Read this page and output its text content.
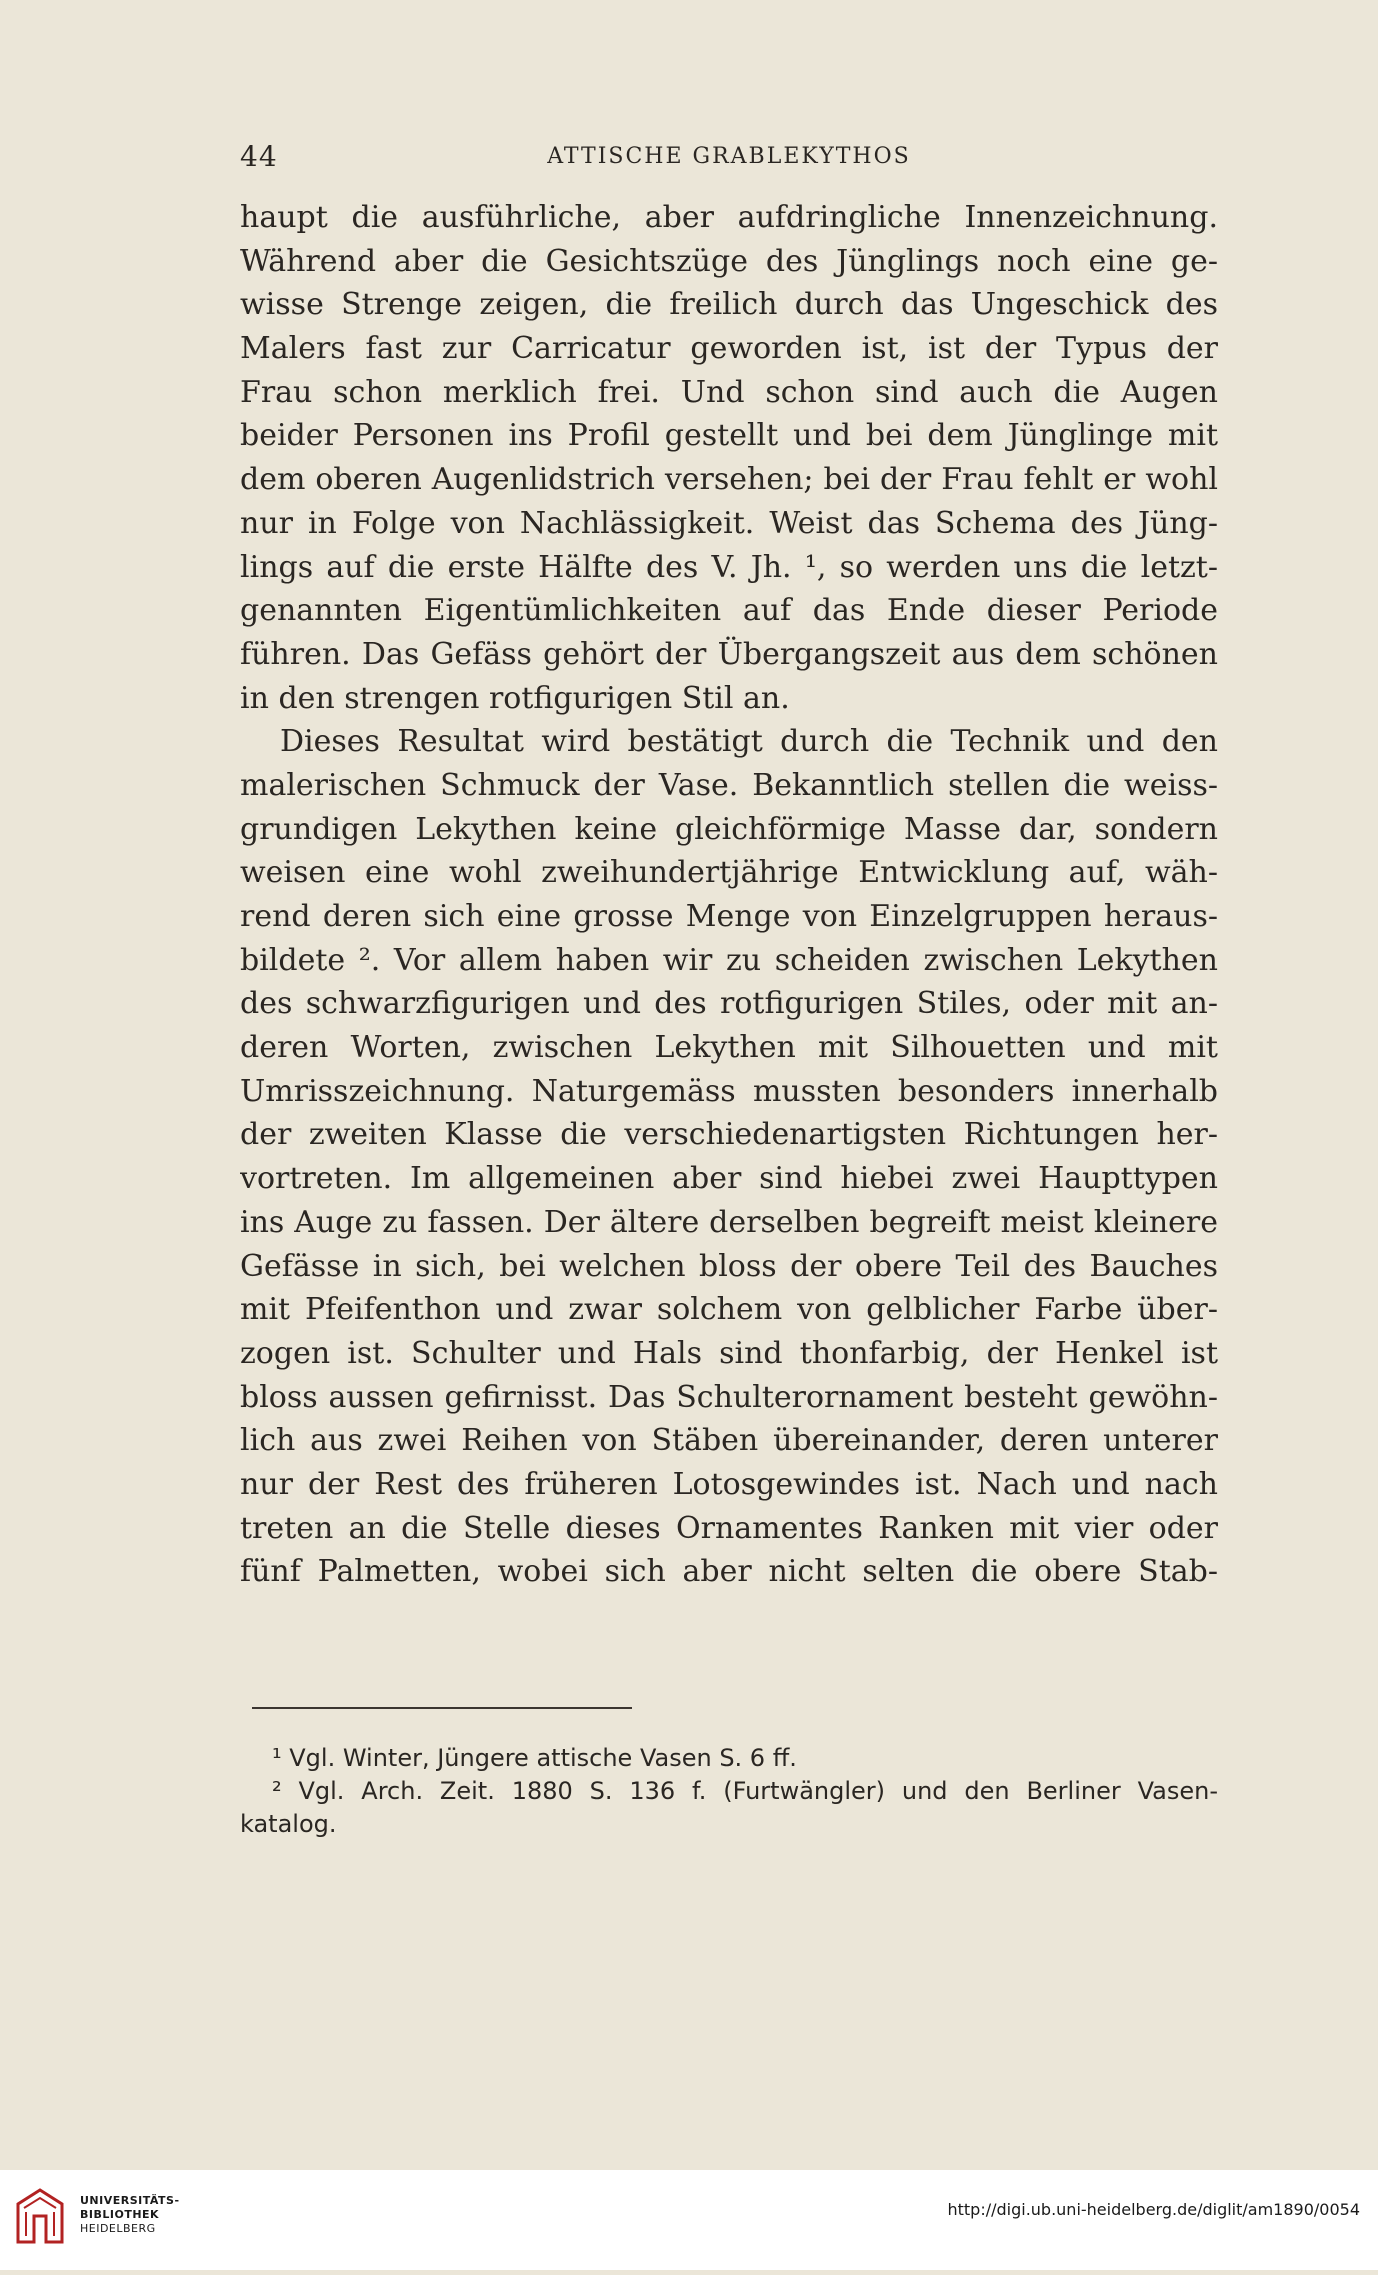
44	ATTISCHE GRABLEKYTHOS
haupt die ausführliche, aber aufdringliche Innenzeichnung.
Während aber die Gesichtszüge des Jünglings noch eine ge-
wisse Strenge zeigen, die freilich durch das Ungeschick des
Malers fast zur Carricatur geworden ist, ist der Typus der
Frau schon merklich frei. Und schon sind auch die Augen
beider Personen ins Profil gestellt und bei dem Jünglinge mit
dem oberen Augenlidstrich versehen; bei der Frau fehlt er wohl
nur in Folge von Nachlässigkeit. Weist das Schema des Jüng-
lings auf die erste Hälfte des V. Jh. ¹, so werden uns die letzt-
genannten Eigentümlichkeiten auf das Ende dieser Periode
führen. Das Gefäss gehört der Übergangszeit aus dem schönen
in den strengen rotfigurigen Stil an.
Dieses Resultat wird bestätigt durch die Technik und den
malerischen Schmuck der Vase. Bekanntlich stellen die weiss-
grundigen Lekythen keine gleichförmige Masse dar, sondern
weisen eine wohl zweihundertjährige Entwicklung auf, wäh-
rend deren sich eine grosse Menge von Einzelgruppen heraus-
bildete ². Vor allem haben wir zu scheiden zwischen Lekythen
des schwarzfigurigen und des rotfigurigen Stiles, oder mit an-
deren Worten, zwischen Lekythen mit Silhouetten und mit
Umrisszeichnung. Naturgemäss mussten besonders innerhalb
der zweiten Klasse die verschiedenartigsten Richtungen her-
vortreten. Im allgemeinen aber sind hiebei zwei Haupttypen
ins Auge zu fassen. Der ältere derselben begreift meist kleinere
Gefässe in sich, bei welchen bloss der obere Teil des Bauches
mit Pfeifenthon und zwar solchem von gelblicher Farbe über-
zogen ist. Schulter und Hals sind thonfarbig, der Henkel ist
bloss aussen gefirnisst. Das Schulterornament besteht gewöhn-
lich aus zwei Reihen von Stäben übereinander, deren unterer
nur der Rest des früheren Lotosgewindes ist. Nach und nach
treten an die Stelle dieses Ornamentes Ranken mit vier oder
fünf Palmetten, wobei sich aber nicht selten die obere Stab-
¹ Vgl. Winter, Jüngere attische Vasen S. 6 ff.
² Vgl. Arch. Zeit. 1880 S. 136 f. (Furtwängler) und den Berliner Vasen-
katalog.
UNIVERSITÄTS-
BIBLIOTHEK
HEIDELBERG
http://digi.ub.uni-heidelberg.de/diglit/am1890/0054
